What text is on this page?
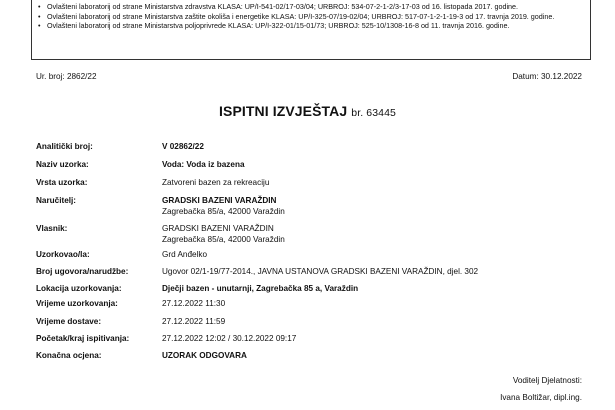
• Ovlašteni laboratorij od strane Ministarstva zdravstva KLASA: UP/I-541-02/17-03/04; URBROJ: 534-07-2-1-2/3-17-03 od 16. listopada 2017. godine.
• Ovlašteni laboratorij od strane Ministarstva zaštite okoliša i energetike KLASA: UP/I-325-07/19-02/04; URBROJ: 517-07-1-2-1-19-3 od 17. travnja 2019. godine.
• Ovlašteni laboratorij od strane Ministarstva poljoprivrede KLASA: UP/I-322-01/15-01/73; URBROJ: 525-10/1308-16-8 od 11. travnja 2016. godine.
Ur. broj: 2862/22	Datum: 30.12.2022
ISPITNI IZVJEŠTAJ br. 63445
Analitički broj:	V 02862/22
Naziv uzorka:	Voda: Voda iz bazena
Vrsta uzorka:	Zatvoreni bazen za rekreaciju
Naručitelj:	GRADSKI BAZENI VARAŽDIN
Zagrebačka 85/a, 42000 Varaždin
Vlasnik:	GRADSKI BAZENI VARAŽDIN
Zagrebačka 85/a, 42000 Varaždin
Uzorkovao/la:	Grd Anđelko
Broj ugovora/narudžbe:	Ugovor 02/1-19/77-2014., JAVNA USTANOVA GRADSKI BAZENI VARAŽDIN, djel. 302
Lokacija uzorkovanja:	Dječji bazen - unutarnji, Zagrebačka 85 a, Varaždin
Vrijeme uzorkovanja:	27.12.2022 11:30
Vrijeme dostave:	27.12.2022 11:59
Početak/kraj ispitivanja:	27.12.2022 12:02 / 30.12.2022 09:17
Konačna ocjena:	UZORAK ODGOVARA
Voditelj Djelatnosti:
Ivana Boltižar, dipl.ing.
